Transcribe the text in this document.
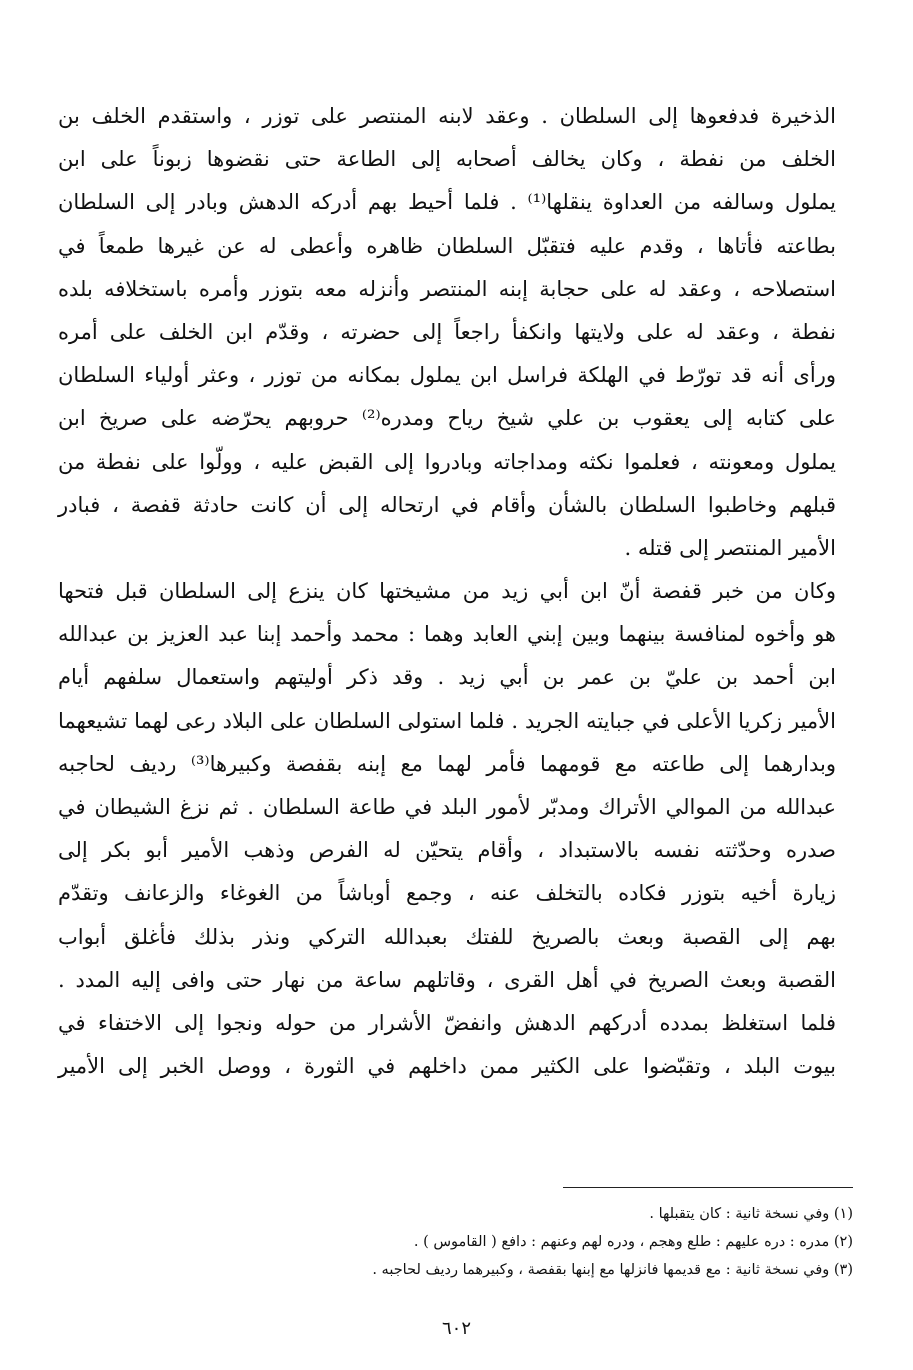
الذخيرة فدفعوها إلى السلطان . وعقد لابنه المنتصر على توزر ، واستقدم الخلف بن
الخلف من نفطة ، وكان يخالف أصحابه إلى الطاعة حتى نقضوها زبوناً على ابن
يملول وسالفه من العداوة ينقلها⁽¹⁾ . فلما أحيط بهم أدركه الدهش وبادر إلى السلطان
بطاعته فأتاها ، وقدم عليه فتقبّل السلطان ظاهره وأعطى له عن غيرها طمعاً في
استصلاحه ، وعقد له على حجابة إبنه المنتصر وأنزله معه بتوزر وأمره باستخلافه بلده
نفطة ، وعقد له على ولايتها وانكفأ راجعاً إلى حضرته ، وقدّم ابن الخلف على أمره
ورأى أنه قد تورّط في الهلكة فراسل ابن يملول بمكانه من توزر ، وعثر أولياء السلطان
على كتابه إلى يعقوب بن علي شيخ رياح ومدره⁽²⁾ حروبهم يحرّضه على صريخ ابن
يملول ومعونته ، فعلموا نكثه ومداجاته وبادروا إلى القبض عليه ، وولّوا على نفطة من
قبلهم وخاطبوا السلطان بالشأن وأقام في ارتحاله إلى أن كانت حادثة قفصة ، فبادر
الأمير المنتصر إلى قتله .
وكان من خبر قفصة أنّ ابن أبي زيد من مشيختها كان ينزع إلى السلطان قبل فتحها
هو وأخوه لمنافسة بينهما وبين إبني العابد وهما : محمد وأحمد إبنا عبد العزيز بن عبدالله
ابن أحمد بن عليّ بن عمر بن أبي زيد . وقد ذكر أوليتهم واستعمال سلفهم أيام
الأمير زكريا الأعلى في جبايته الجريد . فلما استولى السلطان على البلاد رعى لهما تشيعهما
وبدارهما إلى طاعته مع قومهما فأمر لهما مع إبنه بقفصة وكبيرها⁽³⁾ رديف لحاجبه
عبدالله من الموالي الأتراك ومدبّر لأمور البلد في طاعة السلطان . ثم نزغ الشيطان في
صدره وحدّثته نفسه بالاستبداد ، وأقام يتحيّن له الفرص وذهب الأمير أبو بكر إلى
زيارة أخيه بتوزر فكاده بالتخلف عنه ، وجمع أوباشاً من الغوغاء والزعانف وتقدّم
بهم إلى القصبة وبعث بالصريخ للفتك بعبدالله التركي ونذر بذلك فأغلق أبواب
القصبة وبعث الصريخ في أهل القرى ، وقاتلهم ساعة من نهار حتى وافى إليه المدد .
فلما استغلظ بمدده أدركهم الدهش وانفضّ الأشرار من حوله ونجوا إلى الاختفاء في
بيوت البلد ، وتقبّضوا على الكثير ممن داخلهم في الثورة ، ووصل الخبر إلى الأمير
(١) وفي نسخة ثانية : كان يتقبلها .
(٢) مدره : دره عليهم : طلع وهجم ، ودره لهم وعنهم : دافع ( القاموس ) .
(٣) وفي نسخة ثانية : مع قديمها فانزلها مع إبنها بقفصة ، وكبيرهما رديف لحاجبه .
٦٠٢
